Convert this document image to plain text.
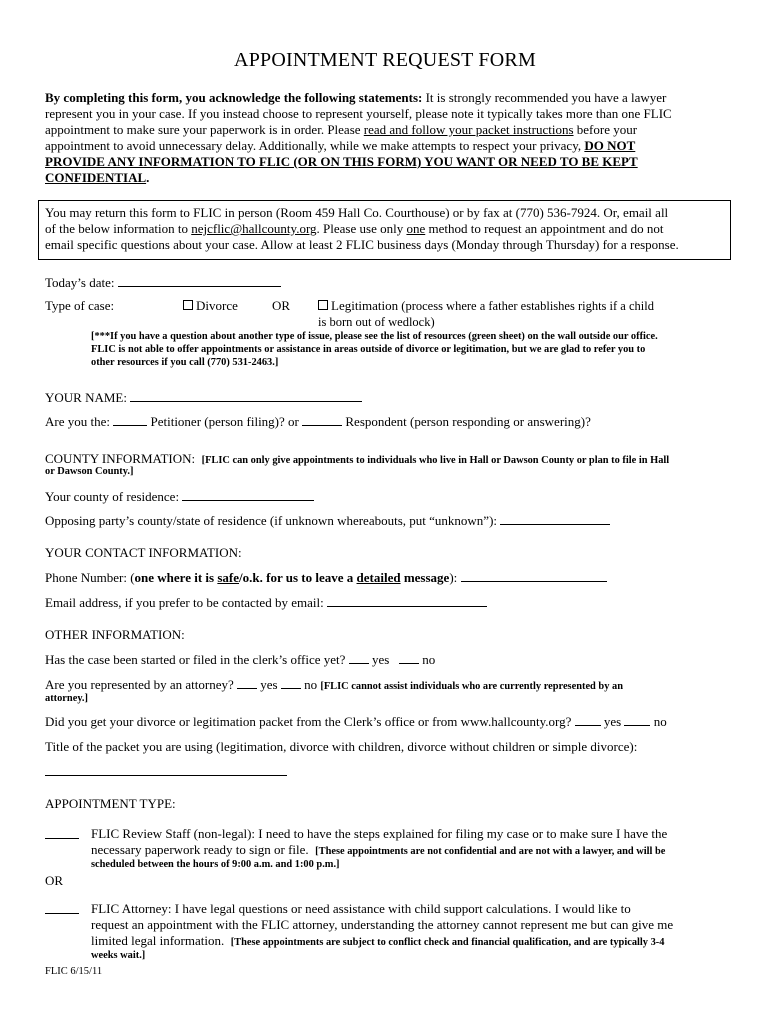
APPOINTMENT REQUEST FORM
By completing this form, you acknowledge the following statements: It is strongly recommended you have a lawyer
represent you in your case. If you instead choose to represent yourself, please note it typically takes more than one FLIC
appointment to make sure your paperwork is in order. Please read and follow your packet instructions before your
appointment to avoid unnecessary delay. Additionally, while we make attempts to respect your privacy, DO NOT
PROVIDE ANY INFORMATION TO FLIC (OR ON THIS FORM) YOU WANT OR NEED TO BE KEPT
CONFIDENTIAL.
You may return this form to FLIC in person (Room 459 Hall Co. Courthouse) or by fax at (770) 536-7924. Or, email all
of the below information to nejcflic@hallcounty.org. Please use only one method to request an appointment and do not
email specific questions about your case. Allow at least 2 FLIC business days (Monday through Thursday) for a response.
Today’s date:
Type of case:	Divorce	OR	Legitimation (process where a father establishes rights if a child
is born out of wedlock)
[***If you have a question about another type of issue, please see the list of resources (green sheet) on the wall outside our office.
FLIC is not able to offer appointments or assistance in areas outside of divorce or legitimation, but we are glad to refer you to
other resources if you call (770) 531-2463.]
YOUR NAME:
Are you the:	Petitioner (person filing)? or	Respondent (person responding or answering)?
COUNTY INFORMATION: [FLIC can only give appointments to individuals who live in Hall or Dawson County or plan to file in Hall
or Dawson County.]
Your county of residence:
Opposing party’s county/state of residence (if unknown whereabouts, put “unknown”):
YOUR CONTACT INFORMATION:
Phone Number: (one where it is safe/o.k. for us to leave a detailed message):
Email address, if you prefer to be contacted by email:
OTHER INFORMATION:
Has the case been started or filed in the clerk’s office yet? yes	no
Are you represented by an attorney? yes no [FLIC cannot assist individuals who are currently represented by an
attorney.]
Did you get your divorce or legitimation packet from the Clerk’s office or from www.hallcounty.org?	yes	no
Title of the packet you are using (legitimation, divorce with children, divorce without children or simple divorce):
APPOINTMENT TYPE:
FLIC Review Staff (non-legal): I need to have the steps explained for filing my case or to make sure I have the
necessary paperwork ready to sign or file. [These appointments are not confidential and are not with a lawyer, and will be
scheduled between the hours of 9:00 a.m. and 1:00 p.m.]
OR
FLIC Attorney: I have legal questions or need assistance with child support calculations. I would like to
request an appointment with the FLIC attorney, understanding the attorney cannot represent me but can give me
limited legal information. [These appointments are subject to conflict check and financial qualification, and are typically 3-4
weeks wait.]
FLIC 6/15/11
